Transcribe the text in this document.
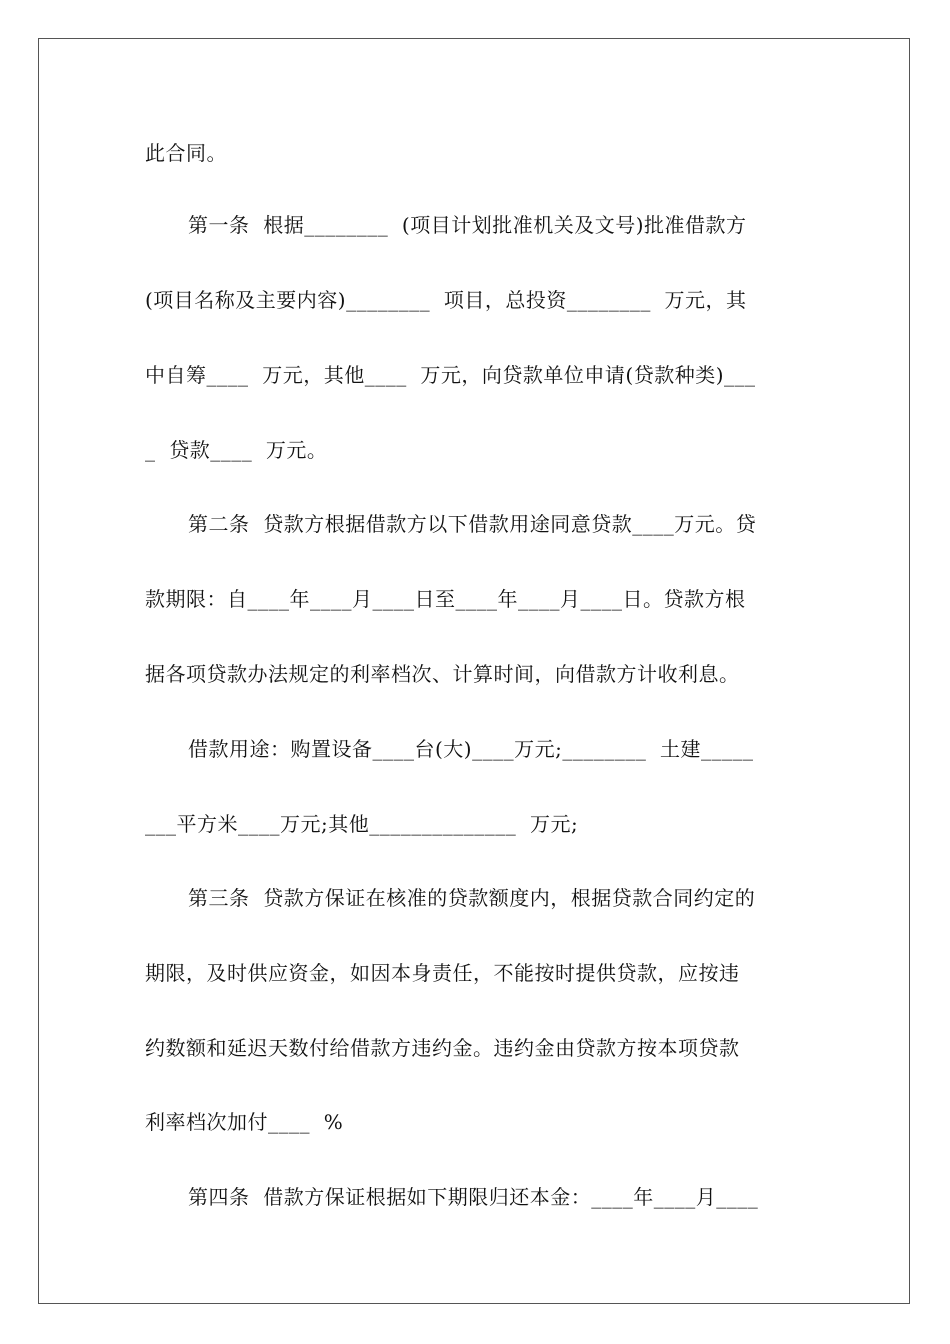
此合同。
第一条  根据________  (项目计划批准机关及文号)批准借款方
(项目名称及主要内容)________  项目，总投资________  万元，其
中自筹____  万元，其他____  万元，向贷款单位申请(贷款种类)___
_  贷款____  万元。
第二条  贷款方根据借款方以下借款用途同意贷款____万元。贷
款期限：自____年____月____日至____年____月____日。贷款方根
据各项贷款办法规定的利率档次、计算时间，向借款方计收利息。
借款用途：购置设备____台(大)____万元;________  土建_____
___平方米____万元;其他______________  万元;
第三条  贷款方保证在核准的贷款额度内，根据贷款合同约定的
期限，及时供应资金，如因本身责任，不能按时提供贷款，应按违
约数额和延迟天数付给借款方违约金。违约金由贷款方按本项贷款
利率档次加付____  %
第四条  借款方保证根据如下期限归还本金：____年____月____
